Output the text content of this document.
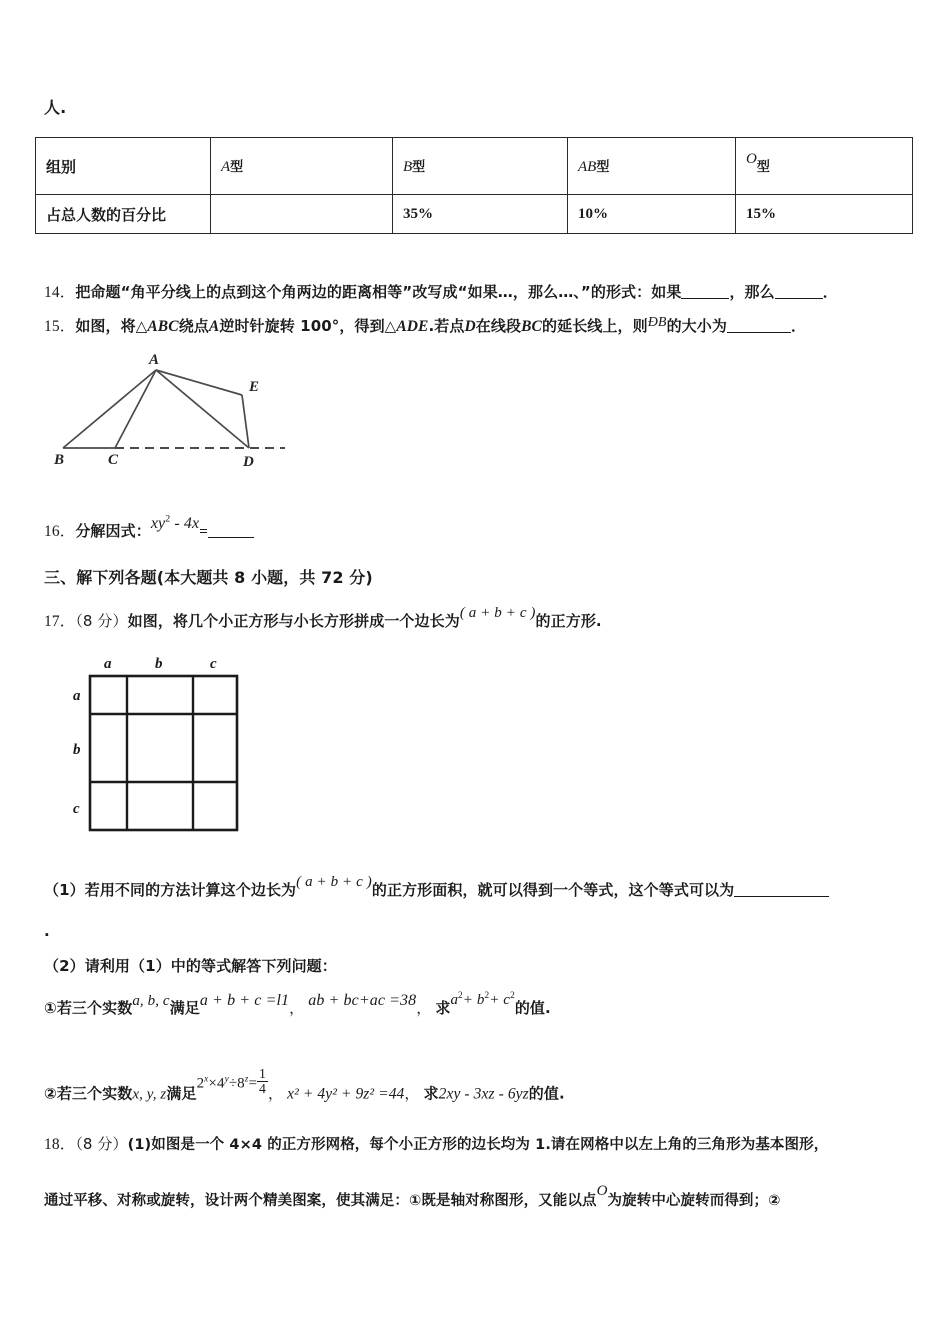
人.
组别	A型	B型	AB型	O型
占总人数的百分比		35%	10%	15%
14．把命题“角平分线上的点到这个角两边的距离相等”改写成“如果…，那么…、”的形式：如果	，那么	．
15．如图，将△ABC绕点A逆时针旋转 100°，得到△ADE.若点D在线段BC的延长线上，则ÐB的大小为	．
A
B	C	D
E
16．分解因式：$xy^2 - 4x=$
三、解下列各题(本大题共 8 小题，共 72 分)
17．（8 分）如图，将几个小正方形与小长方形拼成一个边长为( a + b + c )的正方形.
a	b	c
a
b
c
（1）若用不同的方法计算这个边长为( a + b + c )的正方形面积，就可以得到一个等式，这个等式可以为
.
（2）请利用（1）中的等式解答下列问题：
①若三个实数a, b, c满足a + b + c =l1， ab + bc+ac =38， 求$a^2+ b^2+ c^2$的值.
②若三个实数x, y, z满足$2^x\times 4^y\div 8^z= \frac{1}{4}$ ， x² + 4y² + 9z² =44， 求2xy - 3xz - 6yz的值.
18．（8 分）(1)如图是一个 4×4 的正方形网格，每个小正方形的边长均为 1.请在网格中以左上角的三角形为基本图形，
通过平移、对称或旋转，设计两个精美图案，使其满足：①既是轴对称图形，又能以点O为旋转中心旋转而得到；②
